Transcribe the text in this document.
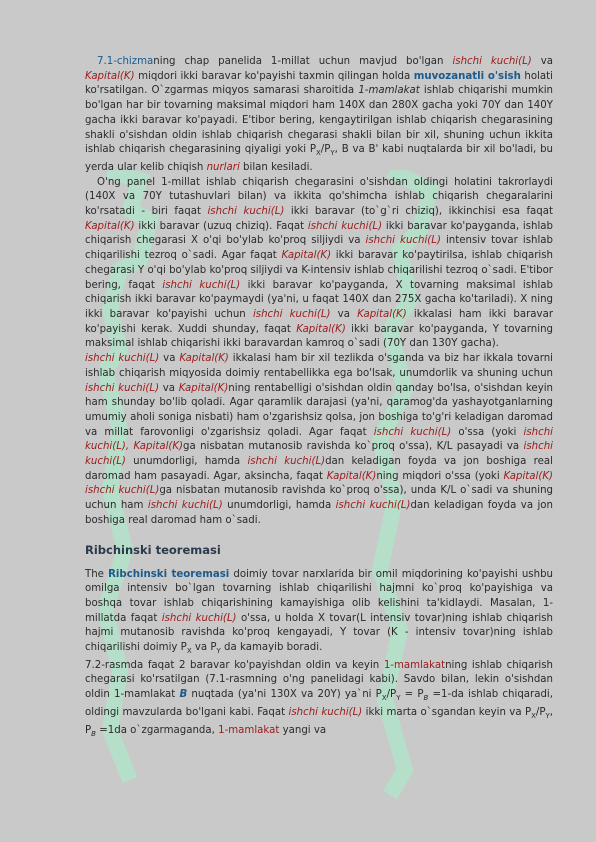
7.1-chizmaning chap panelida 1-millat uchun mavjud bo'lgan ishchi kuchi(L) va Kapital(K) miqdori ikki baravar ko'payishi taxmin qilingan holda muvozanatli o'sish holati ko'rsatilgan. O`zgarmas miqyos samarasi sharoitida 1-mamlakat ishlab chiqarishi mumkin bo'lgan har bir tovarning maksimal miqdori ham 140X dan 280X gacha yoki 70Y dan 140Y gacha ikki baravar ko'payadi. E'tibor bering, kengaytirilgan ishlab chiqarish chegarasining shakli o'sishdan oldin ishlab chiqarish chegarasi shakli bilan bir xil, shuning uchun ikkita ishlab chiqarish chegarasining qiyaligi yoki $P_X/P_Y$, B va B' kabi nuqtalarda bir xil bo'ladi, bu yerda ular kelib chiqish nurlari bilan kesiladi.

O'ng panel 1-millat ishlab chiqarish chegarasini o'sishdan oldingi holatini takrorlaydi (140X va 70Y tutashuvlari bilan) va ikkita qo'shimcha ishlab chiqarish chegaralarini ko'rsatadi - biri faqat ishchi kuchi(L) ikki baravar (to`g`ri chiziq), ikkinchisi esa faqat Kapital(K) ikki baravar (uzuq chiziq). Faqat ishchi kuchi(L) ikki baravar ko'payganda, ishlab chiqarish chegarasi X o'qi bo'ylab ko'proq siljiydi va ishchi kuchi(L) intensiv tovar ishlab chiqarilishi tezroq o`sadi. Agar faqat Kapital(K) ikki baravar ko'paytirilsa, ishlab chiqarish chegarasi Y o'qi bo'ylab ko'proq siljiydi va K-intensiv ishlab chiqarilishi tezroq o`sadi. E'tibor bering, faqat ishchi kuchi(L) ikki baravar ko'payganda, X tovarning maksimal ishlab chiqarish ikki baravar ko'paymaydi (ya'ni, u faqat 140X dan 275X gacha ko'tariladi). X ning ikki baravar ko'payishi uchun ishchi kuchi(L) va Kapital(K) ikkalasi ham ikki baravar ko'payishi kerak. Xuddi shunday, faqat Kapital(K) ikki baravar ko'payganda, Y tovarning maksimal ishlab chiqarishi ikki baravardan kamroq o`sadi (70Y dan 130Y gacha).
ishchi kuchi(L) va Kapital(K) ikkalasi ham bir xil tezlikda o'sganda va biz har ikkala tovarni ishlab chiqarish miqyosida doimiy rentabellikka ega bo'lsak, unumdorlik va shuning uchun ishchi kuchi(L) va Kapital(K)ning rentabelligi o'sishdan oldin qanday bo'lsa, o'sishdan keyin ham shunday bo'lib qoladi. Agar qaramlik darajasi (ya'ni, qaramog'da yashayotganlarning umumiy aholi soniga nisbati) ham o'zgarishsiz qolsa, jon boshiga to'g'ri keladigan daromad va millat farovonligi o'zgarishsiz qoladi. Agar faqat ishchi kuchi(L) o'ssa (yoki ishchi kuchi(L), Kapital(K)ga nisbatan mutanosib ravishda ko`proq o'ssa), K/L pasayadi va ishchi kuchi(L) unumdorligi, hamda ishchi kuchi(L)dan keladigan foyda va jon boshiga real daromad ham pasayadi. Agar, aksincha, faqat Kapital(K)ning miqdori o'ssa (yoki Kapital(K) ishchi kuchi(L)ga nisbatan mutanosib ravishda ko`proq o'ssa), unda K/L o`sadi va shuning uchun ham ishchi kuchi(L) unumdorligi, hamda ishchi kuchi(L)dan keladigan foyda va jon boshiga real daromad ham o`sadi.

Ribchinski teoremasi

The Ribchinski teoremasi doimiy tovar narxlarida bir omil miqdorining ko'payishi ushbu omilga intensiv bo`lgan tovarning ishlab chiqarilishi hajmni ko`proq ko'payishiga va boshqa tovar ishlab chiqarishining kamayishiga olib kelishini ta'kidlaydi. Masalan, 1-millatda faqat ishchi kuchi(L) o'ssa, u holda X tovar(L intensiv tovar)ning ishlab chiqarish hajmi mutanosib ravishda ko'proq kengayadi, Y tovar (K - intensiv tovar)ning ishlab chiqarilishi doimiy $P_X$ va $P_Y$ da kamayib boradi.

7.2-rasmda faqat 2 baravar ko'payishdan oldin va keyin 1-mamlakatning ishlab chiqarish chegarasi ko'rsatilgan (7.1-rasmning o'ng panelidagi kabi). Savdo bilan, lekin o'sishdan oldin 1-mamlakat B nuqtada (ya'ni 130X va 20Y) ya`ni $P_X/P_Y = P_B =1-da$ ishlab chiqaradi, oldingi mavzularda bo'lgani kabi. Faqat ishchi kuchi(L) ikki marta o`sgandan keyin va $P_X/P_Y$, $P_B =1da$ o`zgarmaganda, 1-mamlakat yangi va
